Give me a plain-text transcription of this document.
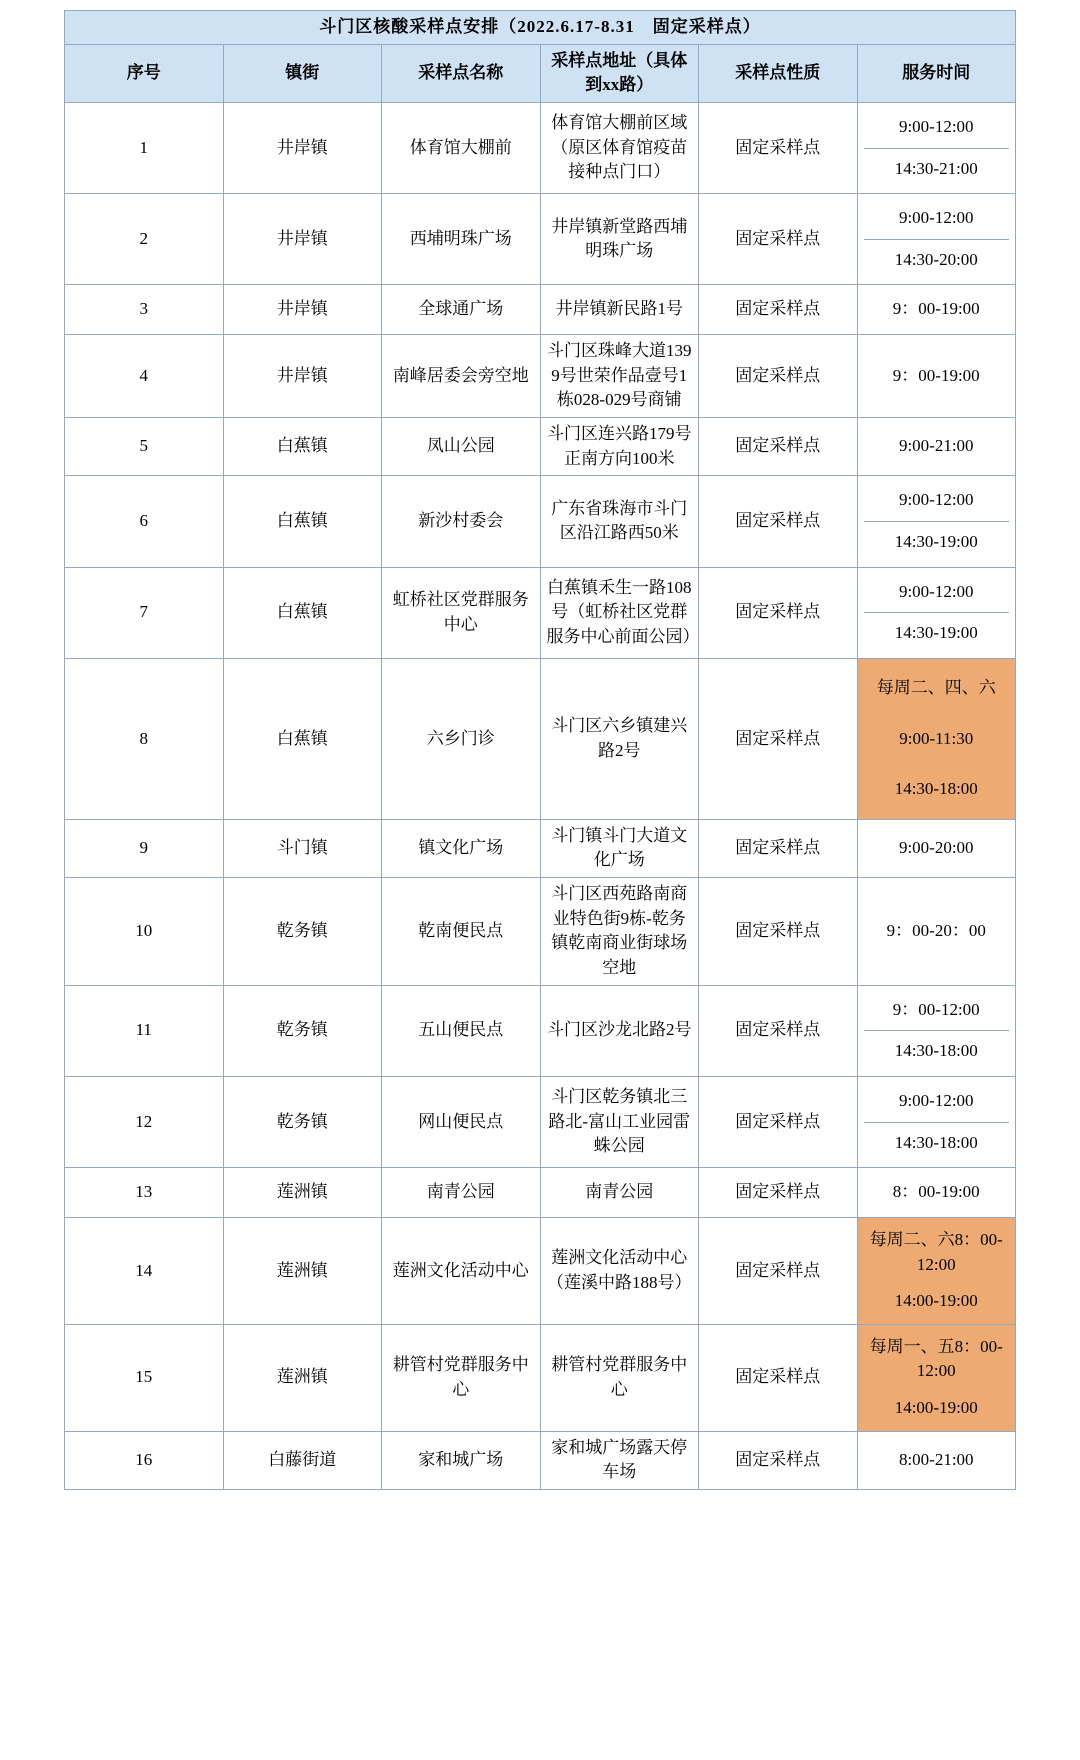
斗门区核酸采样点安排（2022.6.17-8.31　固定采样点）					
序号	镇街	采样点名称	采样点地址（具体到xx路）	采样点性质	服务时间
1	井岸镇	体育馆大棚前	体育馆大棚前区域（原区体育馆疫苗接种点门口）	固定采样点	9:00-12:00
14:30-21:00

2	井岸镇	西埔明珠广场	井岸镇新堂路西埔明珠广场	固定采样点	9:00-12:00
14:30-20:00

3	井岸镇	全球通广场	井岸镇新民路1号	固定采样点	9：00-19:00

4	井岸镇	南峰居委会旁空地	斗门区珠峰大道1399号世荣作品壹号1栋028-029号商铺	固定采样点	9：00-19:00

5	白蕉镇	凤山公园	斗门区连兴路179号正南方向100米	固定采样点	9:00-21:00

6	白蕉镇	新沙村委会	广东省珠海市斗门区沿江路西50米	固定采样点	9:00-12:00
14:30-19:00

7	白蕉镇	虹桥社区党群服务中心	白蕉镇禾生一路108号（虹桥社区党群服务中心前面公园）	固定采样点	9:00-12:00
14:30-19:00

8	白蕉镇	六乡门诊	斗门区六乡镇建兴路2号	固定采样点	每周二、四、六
9:00-11:30
14:30-18:00

9	斗门镇	镇文化广场	斗门镇斗门大道文化广场	固定采样点	9:00-20:00

10	乾务镇	乾南便民点	斗门区西苑路南商业特色街9栋-乾务镇乾南商业街球场空地	固定采样点	9：00-20：00

11	乾务镇	五山便民点	斗门区沙龙北路2号	固定采样点	9：00-12:00
14:30-18:00

12	乾务镇	网山便民点	斗门区乾务镇北三路北-富山工业园雷蛛公园	固定采样点	9:00-12:00
14:30-18:00

13	莲洲镇	南青公园	南青公园	固定采样点	8：00-19:00

14	莲洲镇	莲洲文化活动中心	莲洲文化活动中心（莲溪中路188号）	固定采样点	每周二、六8：00-12:00
14:00-19:00

15	莲洲镇	耕管村党群服务中心	耕管村党群服务中心	固定采样点	每周一、五8：00-12:00
14:00-19:00

16	白藤街道	家和城广场	家和城广场露天停车场	固定采样点	8:00-21:00
